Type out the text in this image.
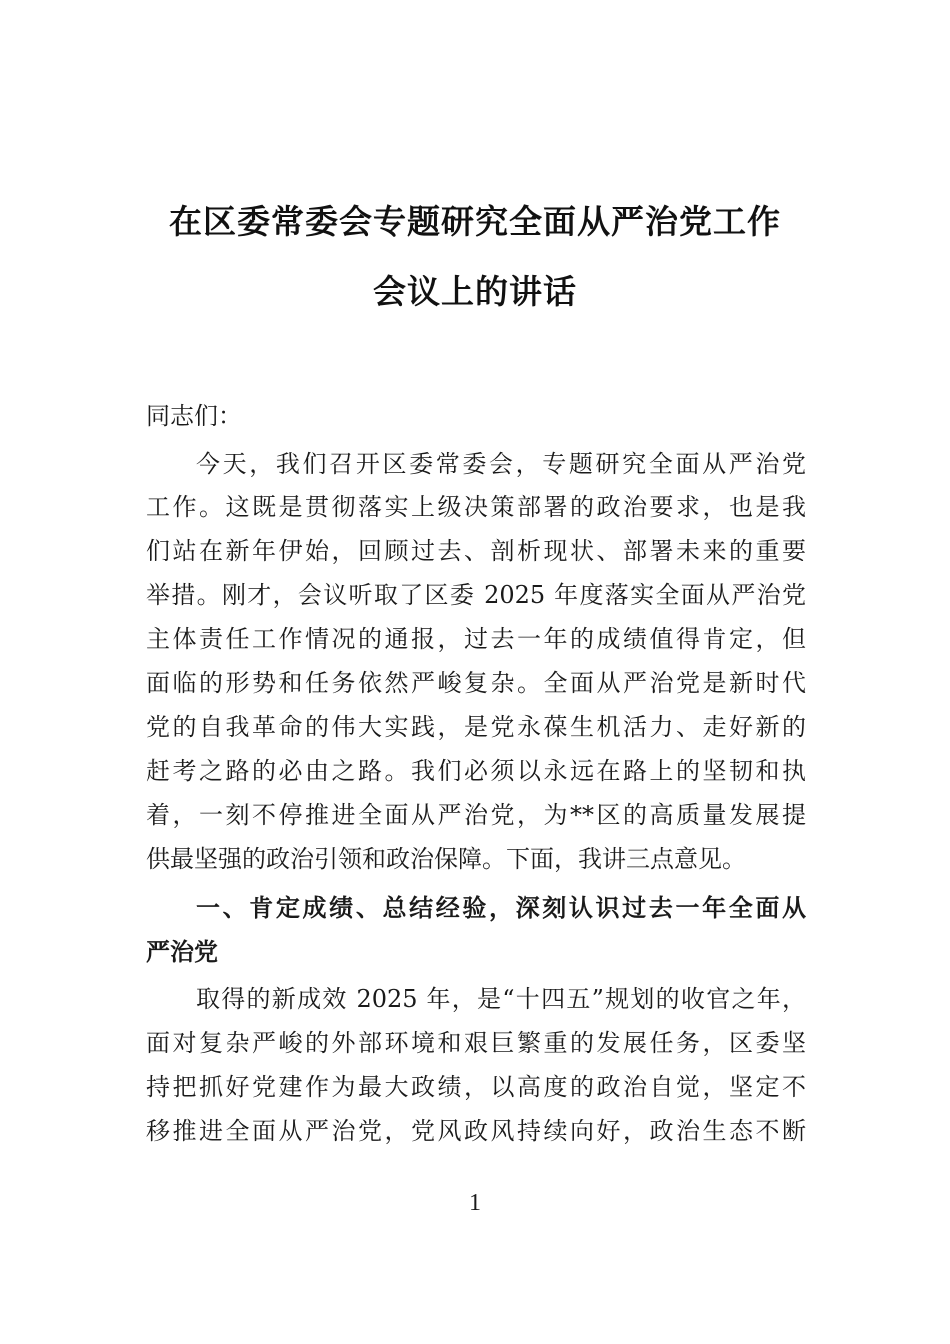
在区委常委会专题研究全面从严治党工作
会议上的讲话
同志们：
今天，我们召开区委常委会，专题研究全面从严治党
工作。这既是贯彻落实上级决策部署的政治要求，也是我
们站在新年伊始，回顾过去、剖析现状、部署未来的重要
举措。刚才，会议听取了区委 2025 年度落实全面从严治党
主体责任工作情况的通报，过去一年的成绩值得肯定，但
面临的形势和任务依然严峻复杂。全面从严治党是新时代
党的自我革命的伟大实践，是党永葆生机活力、走好新的
赶考之路的必由之路。我们必须以永远在路上的坚韧和执
着，一刻不停推进全面从严治党，为**区的高质量发展提
供最坚强的政治引领和政治保障。下面，我讲三点意见。
一、肯定成绩、总结经验，深刻认识过去一年全面从
严治党
取得的新成效 2025 年，是“十四五”规划的收官之年，
面对复杂严峻的外部环境和艰巨繁重的发展任务，区委坚
持把抓好党建作为最大政绩，以高度的政治自觉，坚定不
移推进全面从严治党，党风政风持续向好，政治生态不断
1
